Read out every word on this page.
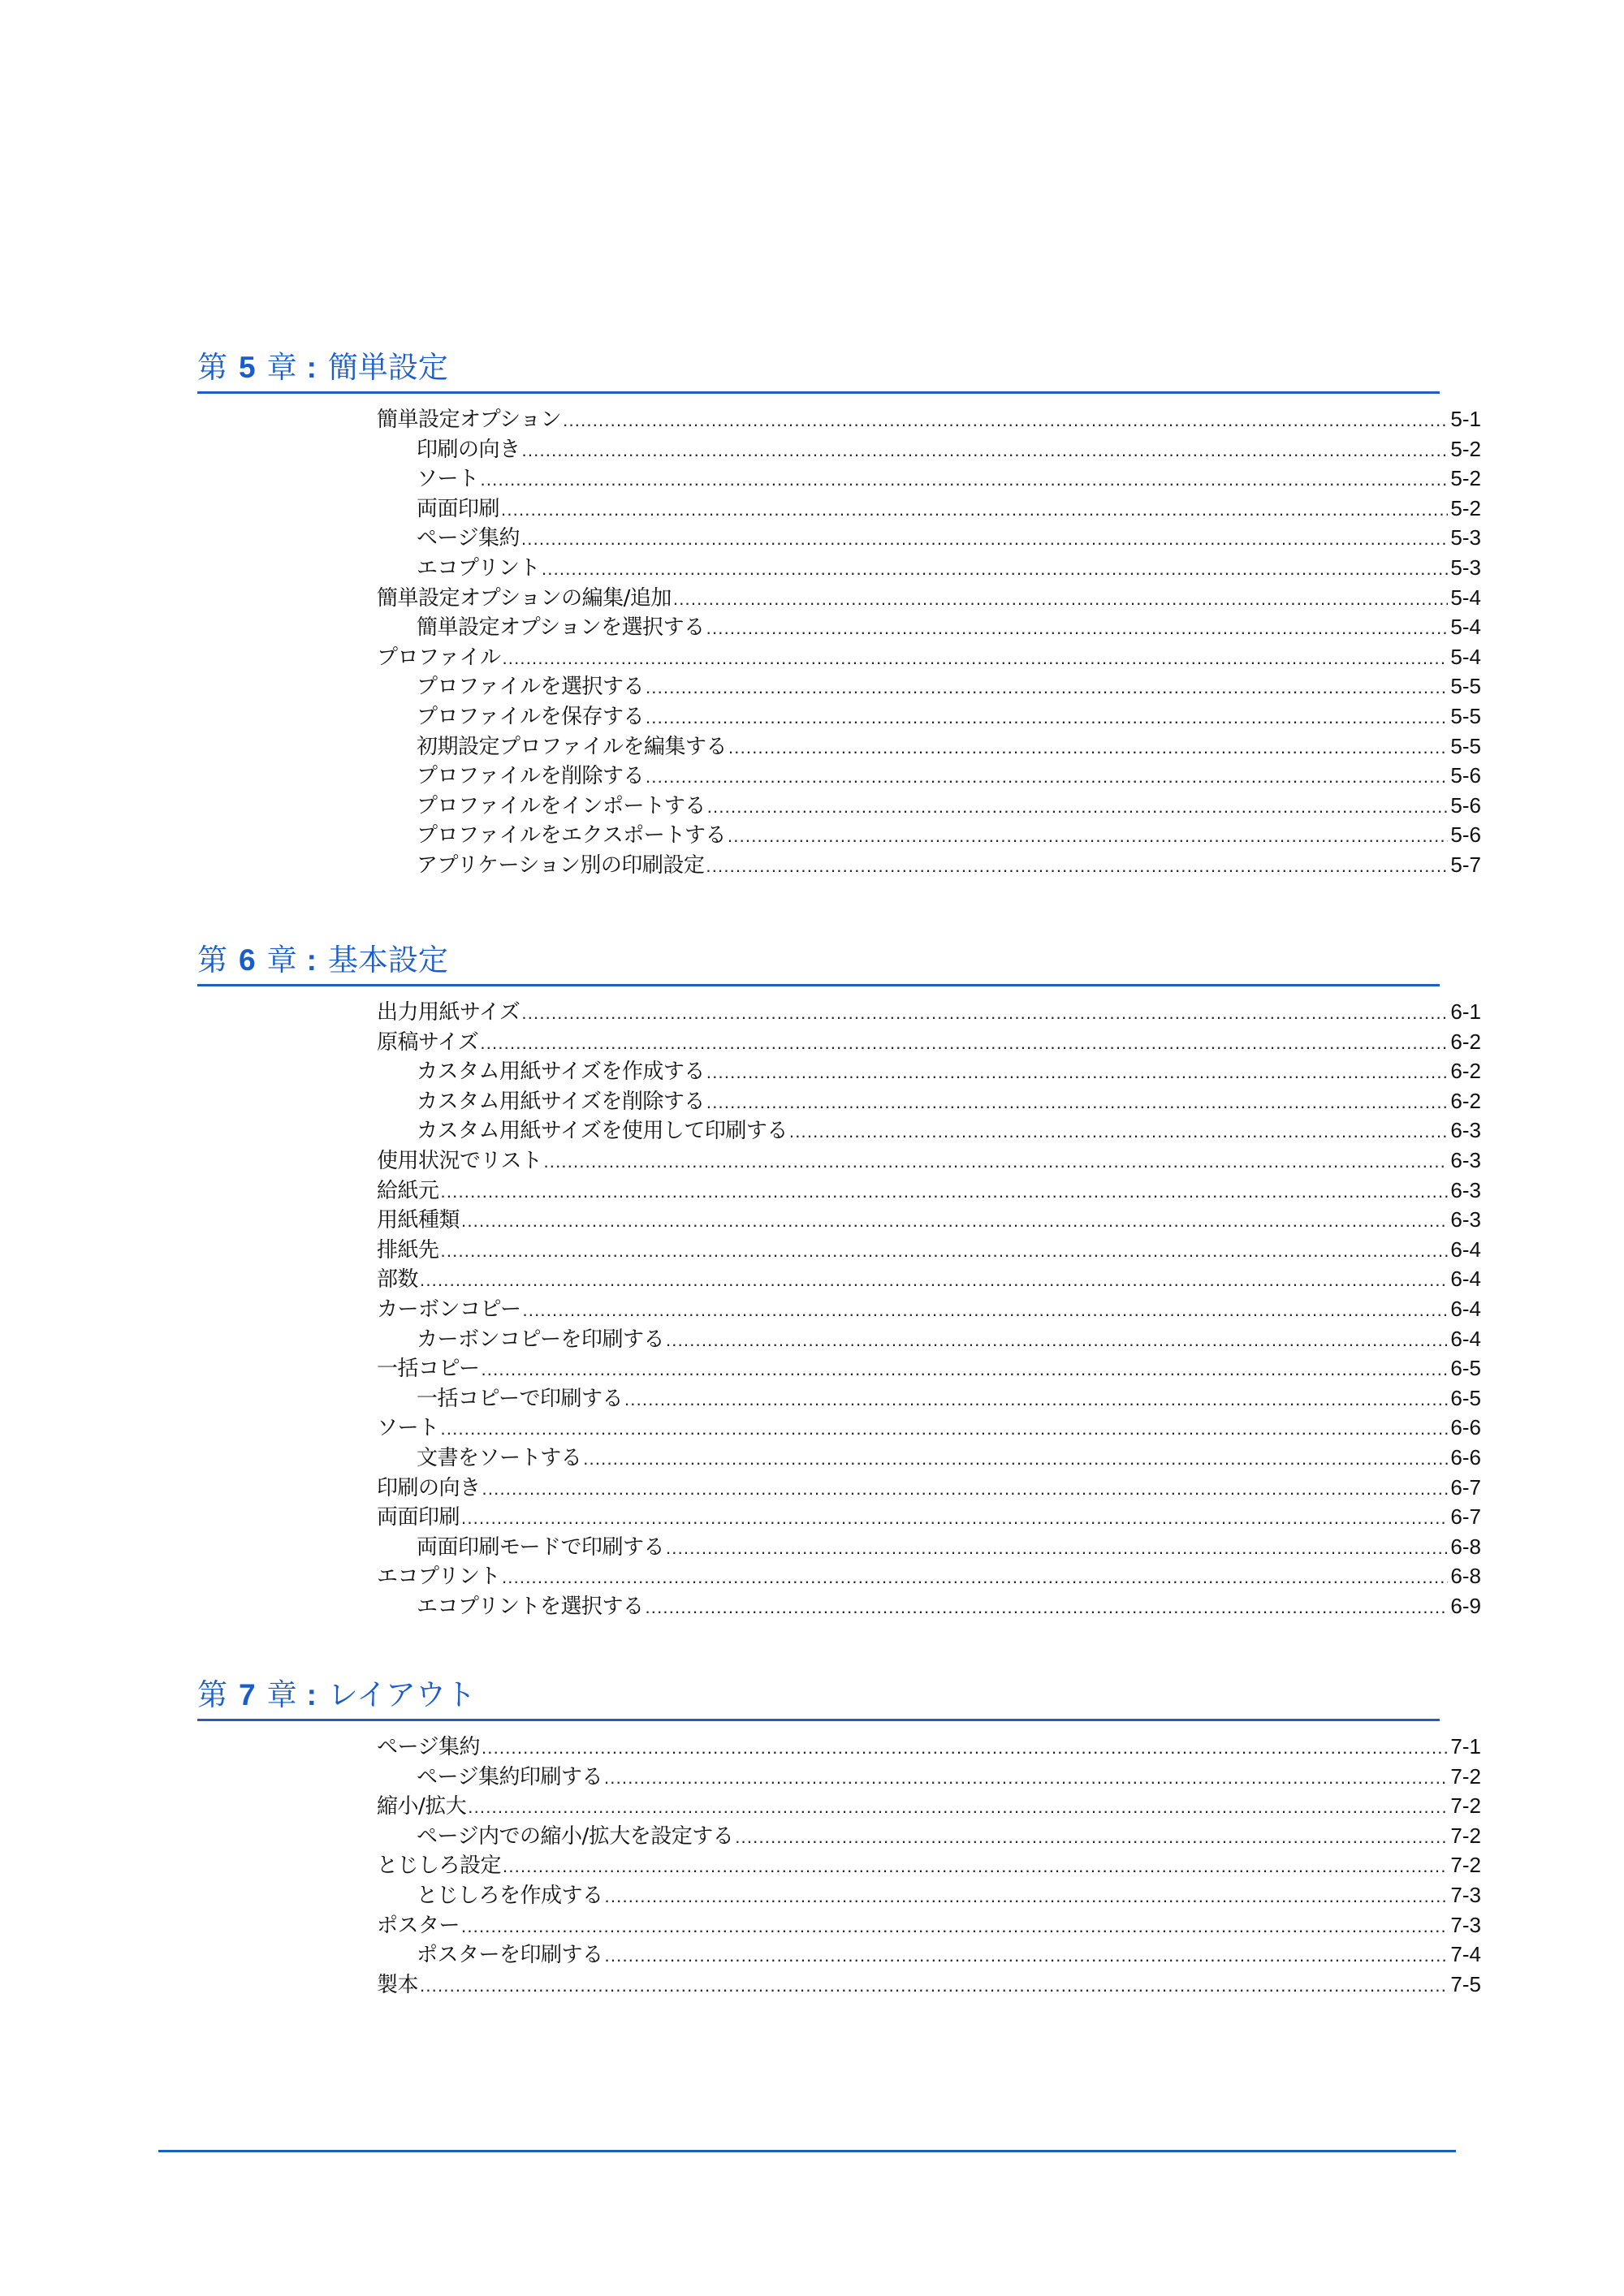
第 5 章 : 簡単設定
簡単設定オプション .....	5-1
印刷の向き .....	5-2
ソート .....	5-2
両面印刷 .....	5-2
ページ集約 .....	5-3
エコプリント .....	5-3
簡単設定オプションの編集/追加 .....	5-4
簡単設定オプションを選択する .....	5-4
プロファイル .....	5-4
プロファイルを選択する .....	5-5
プロファイルを保存する .....	5-5
初期設定プロファイルを編集する .....	5-5
プロファイルを削除する .....	5-6
プロファイルをインポートする .....	5-6
プロファイルをエクスポートする .....	5-6
アプリケーション別の印刷設定 .....	5-7
第 6 章 : 基本設定
出力用紙サイズ .....	6-1
原稿サイズ .....	6-2
カスタム用紙サイズを作成する .....	6-2
カスタム用紙サイズを削除する .....	6-2
カスタム用紙サイズを使用して印刷する .....	6-3
使用状況でリスト .....	6-3
給紙元 .....	6-3
用紙種類 .....	6-3
排紙先 .....	6-4
部数 .....	6-4
カーボンコピー .....	6-4
カーボンコピーを印刷する .....	6-4
一括コピー .....	6-5
一括コピーで印刷する .....	6-5
ソート .....	6-6
文書をソートする .....	6-6
印刷の向き .....	6-7
両面印刷 .....	6-7
両面印刷モードで印刷する .....	6-8
エコプリント .....	6-8
エコプリントを選択する .....	6-9
第 7 章 : レイアウト
ページ集約 .....	7-1
ページ集約印刷する .....	7-2
縮小/拡大 .....	7-2
ページ内での縮小/拡大を設定する .....	7-2
とじしろ設定 .....	7-2
とじしろを作成する .....	7-3
ポスター .....	7-3
ポスターを印刷する .....	7-4
製本 .....	7-5
